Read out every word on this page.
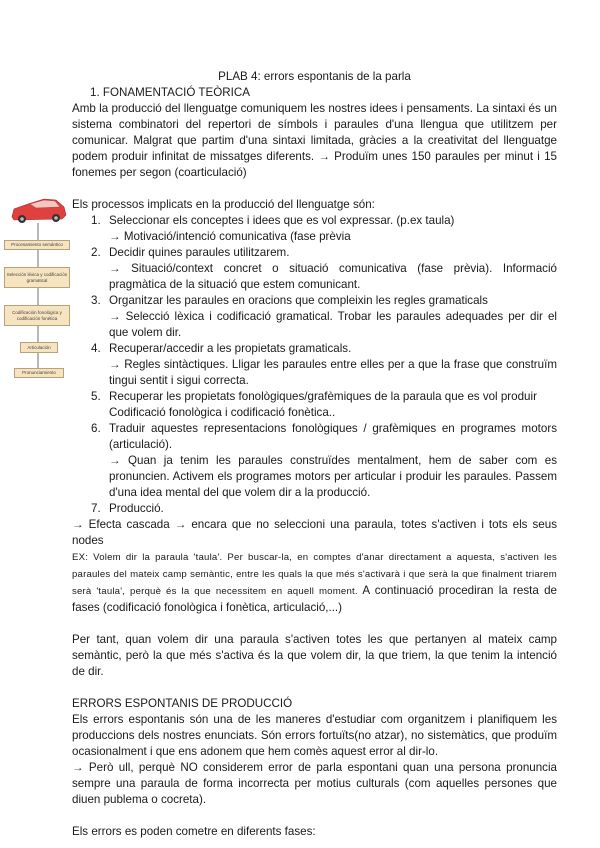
Procesamiento semántico
Selección léxica y codificación gramatical
Codificación fonológica y codificación fonética
Articulación
Pronunciamiento
PLAB 4: errors espontanis de la parla
1. FONAMENTACIÓ TEÒRICA

Amb la producció del llenguatge comuniquem les nostres idees i pensaments. La sintaxi és un sistema combinatori del repertori de símbols i paraules d'una llengua que utilitzem per comunicar. Malgrat que partim d'una sintaxi limitada, gràcies a la creativitat del llenguatge podem produir infinitat de missatges diferents. → Produïm unes 150 paraules per minut i 15 fonemes per segon (coarticulació)

Els processos implicats en la producció del llenguatge són:

1. Seleccionar els conceptes i idees que es vol expressar. (p.ex taula)
→ Motivació/intenció comunicativa (fase prèvia
2. Decidir quines paraules utilitzarem.
→ Situació/context concret o situació comunicativa (fase prèvia). Informació pragmàtica de la situació que estem comunicant.
3. Organitzar les paraules en oracions que compleixin les regles gramaticals
→ Selecció lèxica i codificació gramatical. Trobar les paraules adequades per dir el que volem dir.
4. Recuperar/accedir a les propietats gramaticals.
→ Regles sintàctiques. Lligar les paraules entre elles per a que la frase que construïm tingui sentit i sigui correcta.
5. Recuperar les propietats fonològiques/grafèmiques de la paraula que es vol produir
Codificació fonològica i codificació fonètica..
6. Traduir aquestes representacions fonològiques / grafèmiques en programes motors (articulació).
→ Quan ja tenim les paraules construïdes mentalment, hem de saber com es pronuncien. Activem els programes motors per articular i produir les paraules. Passem d'una idea mental del que volem dir a la producció.
7. Producció.

→ Efecta cascada → encara que no seleccioni una paraula, totes s'activen i tots els seus nodes

EX: Volem dir la paraula 'taula'. Per buscar-la, en comptes d'anar directament a aquesta, s'activen les paraules del mateix camp semàntic, entre les quals la que més s'activarà i que serà la que finalment triarem serà 'taula', perquè és la que necessitem en aquell moment. A continuació procediran la resta de fases (codificació fonològica i fonètica, articulació,...)

Per tant, quan volem dir una paraula s'activen totes les que pertanyen al mateix camp semàntic, però la que més s'activa és la que volem dir, la que triem, la que tenim la intenció de dir.

ERRORS ESPONTANIS DE PRODUCCIÓ

Els errors espontanis són una de les maneres d'estudiar com organitzem i planifiquem les produccions dels nostres enunciats. Són errors fortuïts(no atzar), no sistemàtics, que produïm ocasionalment i que ens adonem que hem comès aquest error al dir-lo.

→ Però ull, perquè NO considerem error de parla espontani quan una persona pronuncia sempre una paraula de forma incorrecta per motius culturals (com aquelles persones que diuen publema o cocreta).

Els errors es poden cometre en diferents fases:
